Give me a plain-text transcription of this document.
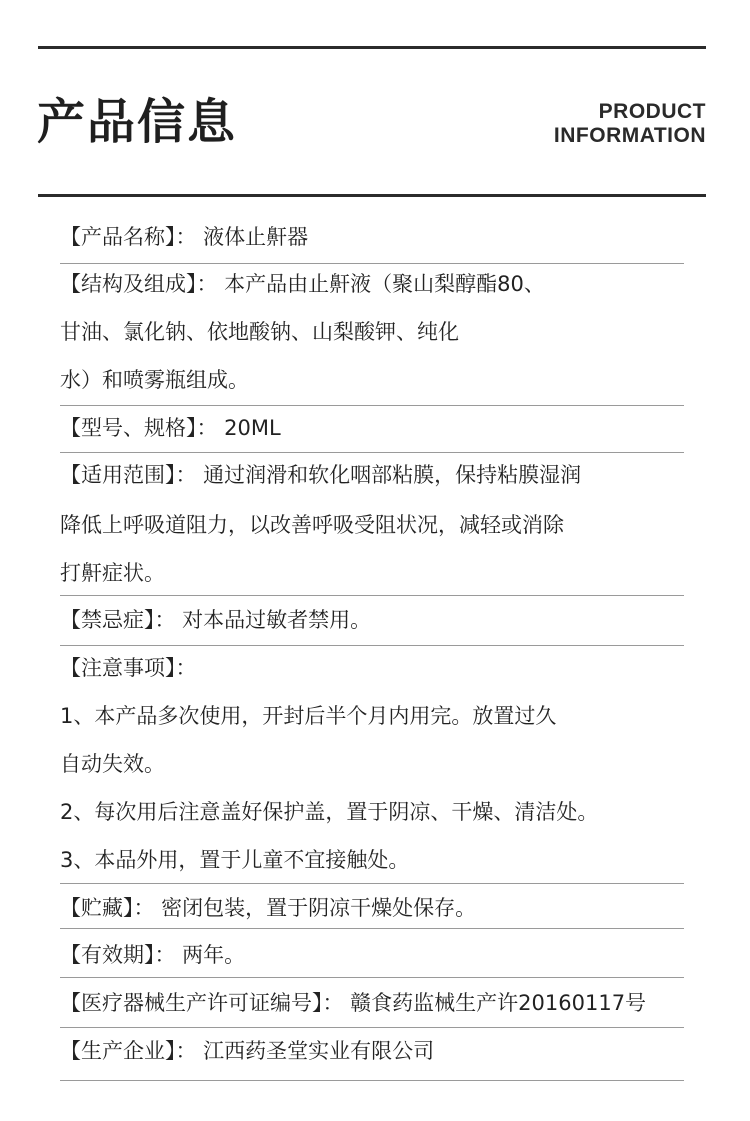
产品信息	PRODUCT
INFORMATION
【产品名称】： 液体止鼾器
【结构及组成】： 本产品由止鼾液（聚山梨醇酯80、
甘油、氯化钠、依地酸钠、山梨酸钾、纯化
水）和喷雾瓶组成。
【型号、规格】： 20ML
【适用范围】： 通过润滑和软化咽部粘膜，保持粘膜湿润
降低上呼吸道阻力，以改善呼吸受阻状况，减轻或消除
打鼾症状。
【禁忌症】： 对本品过敏者禁用。
【注意事项】：
1、本产品多次使用，开封后半个月内用完。放置过久
自动失效。
2、每次用后注意盖好保护盖，置于阴凉、干燥、清洁处。
3、本品外用，置于儿童不宜接触处。
【贮藏】： 密闭包装，置于阴凉干燥处保存。
【有效期】： 两年。
【医疗器械生产许可证编号】： 赣食药监械生产许20160117号
【生产企业】： 江西药圣堂实业有限公司
